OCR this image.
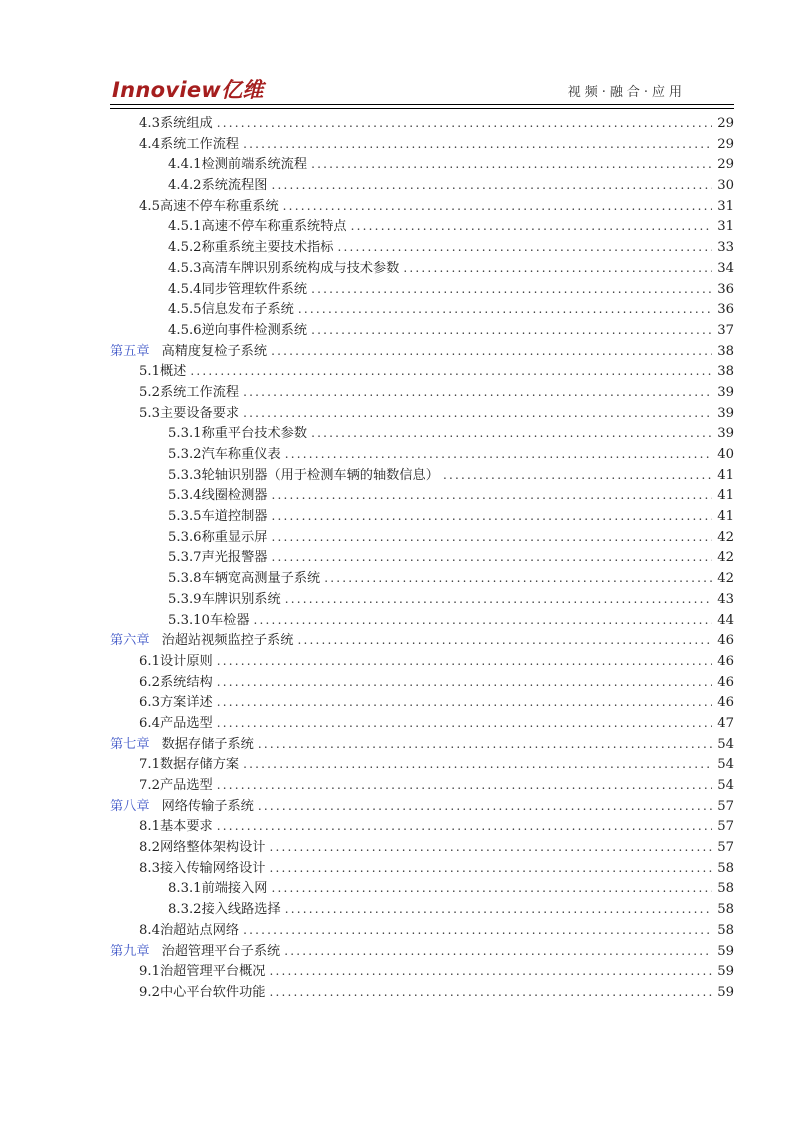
Innoview亿维	视频·融合·应用
4.3 系统组成 .....	29
4.4 系统工作流程 .....	29
4.4.1 检测前端系统流程 .....	29
4.4.2 系统流程图 .....	30
4.5 高速不停车称重系统 .....	31
4.5.1 高速不停车称重系统特点 .....	31
4.5.2 称重系统主要技术指标 .....	33
4.5.3 高清车牌识别系统构成与技术参数 .....	34
4.5.4 同步管理软件系统 .....	36
4.5.5 信息发布子系统 .....	36
4.5.6 逆向事件检测系统 .....	37
第五章 高精度复检子系统 .....	38
5.1 概述 .....	38
5.2 系统工作流程 .....	39
5.3 主要设备要求 .....	39
5.3.1 称重平台技术参数 .....	39
5.3.2 汽车称重仪表 .....	40
5.3.3 轮轴识别器（用于检测车辆的轴数信息） .....	41
5.3.4 线圈检测器 .....	41
5.3.5 车道控制器 .....	41
5.3.6 称重显示屏 .....	42
5.3.7 声光报警器 .....	42
5.3.8 车辆宽高测量子系统 .....	42
5.3.9 车牌识别系统 .....	43
5.3.10 车检器 .....	44
第六章 治超站视频监控子系统 .....	46
6.1 设计原则 .....	46
6.2 系统结构 .....	46
6.3 方案详述 .....	46
6.4 产品选型 .....	47
第七章 数据存储子系统 .....	54
7.1 数据存储方案 .....	54
7.2 产品选型 .....	54
第八章 网络传输子系统 .....	57
8.1 基本要求 .....	57
8.2 网络整体架构设计 .....	57
8.3 接入传输网络设计 .....	58
8.3.1 前端接入网 .....	58
8.3.2 接入线路选择 .....	58
8.4 治超站点网络 .....	58
第九章 治超管理平台子系统 .....	59
9.1 治超管理平台概况 .....	59
9.2 中心平台软件功能 .....	59
